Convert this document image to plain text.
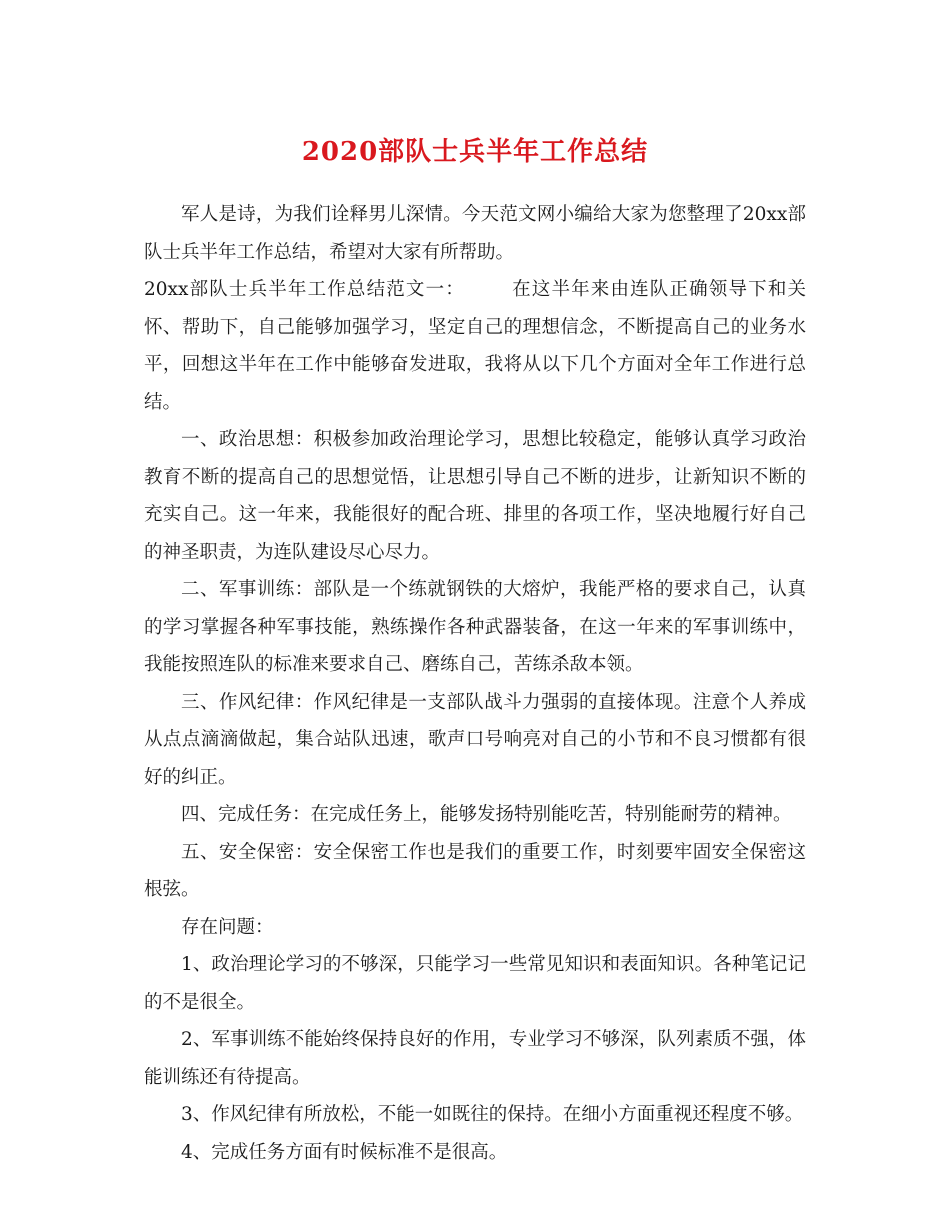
2020部队士兵半年工作总结

军人是诗，为我们诠释男儿深情。今天范文网小编给大家为您整理了20xx部队士兵半年工作总结，希望对大家有所帮助。

20xx部队士兵半年工作总结范文一： 在这半年来由连队正确领导下和关怀、帮助下，自己能够加强学习，坚定自己的理想信念，不断提高自己的业务水平，回想这半年在工作中能够奋发进取，我将从以下几个方面对全年工作进行总结。

一、政治思想：积极参加政治理论学习，思想比较稳定，能够认真学习政治教育不断的提高自己的思想觉悟，让思想引导自己不断的进步，让新知识不断的充实自己。这一年来，我能很好的配合班、排里的各项工作，坚决地履行好自己的神圣职责，为连队建设尽心尽力。

二、军事训练：部队是一个练就钢铁的大熔炉，我能严格的要求自己，认真的学习掌握各种军事技能，熟练操作各种武器装备，在这一年来的军事训练中，我能按照连队的标准来要求自己、磨练自己，苦练杀敌本领。

三、作风纪律：作风纪律是一支部队战斗力强弱的直接体现。注意个人养成从点点滴滴做起，集合站队迅速，歌声口号响亮对自己的小节和不良习惯都有很好的纠正。

四、完成任务：在完成任务上，能够发扬特别能吃苦，特别能耐劳的精神。

五、安全保密：安全保密工作也是我们的重要工作，时刻要牢固安全保密这根弦。

存在问题：

1、政治理论学习的不够深，只能学习一些常见知识和表面知识。各种笔记记的不是很全。

2、军事训练不能始终保持良好的作用，专业学习不够深，队列素质不强，体能训练还有待提高。

3、作风纪律有所放松，不能一如既往的保持。在细小方面重视还程度不够。

4、完成任务方面有时候标准不是很高。
